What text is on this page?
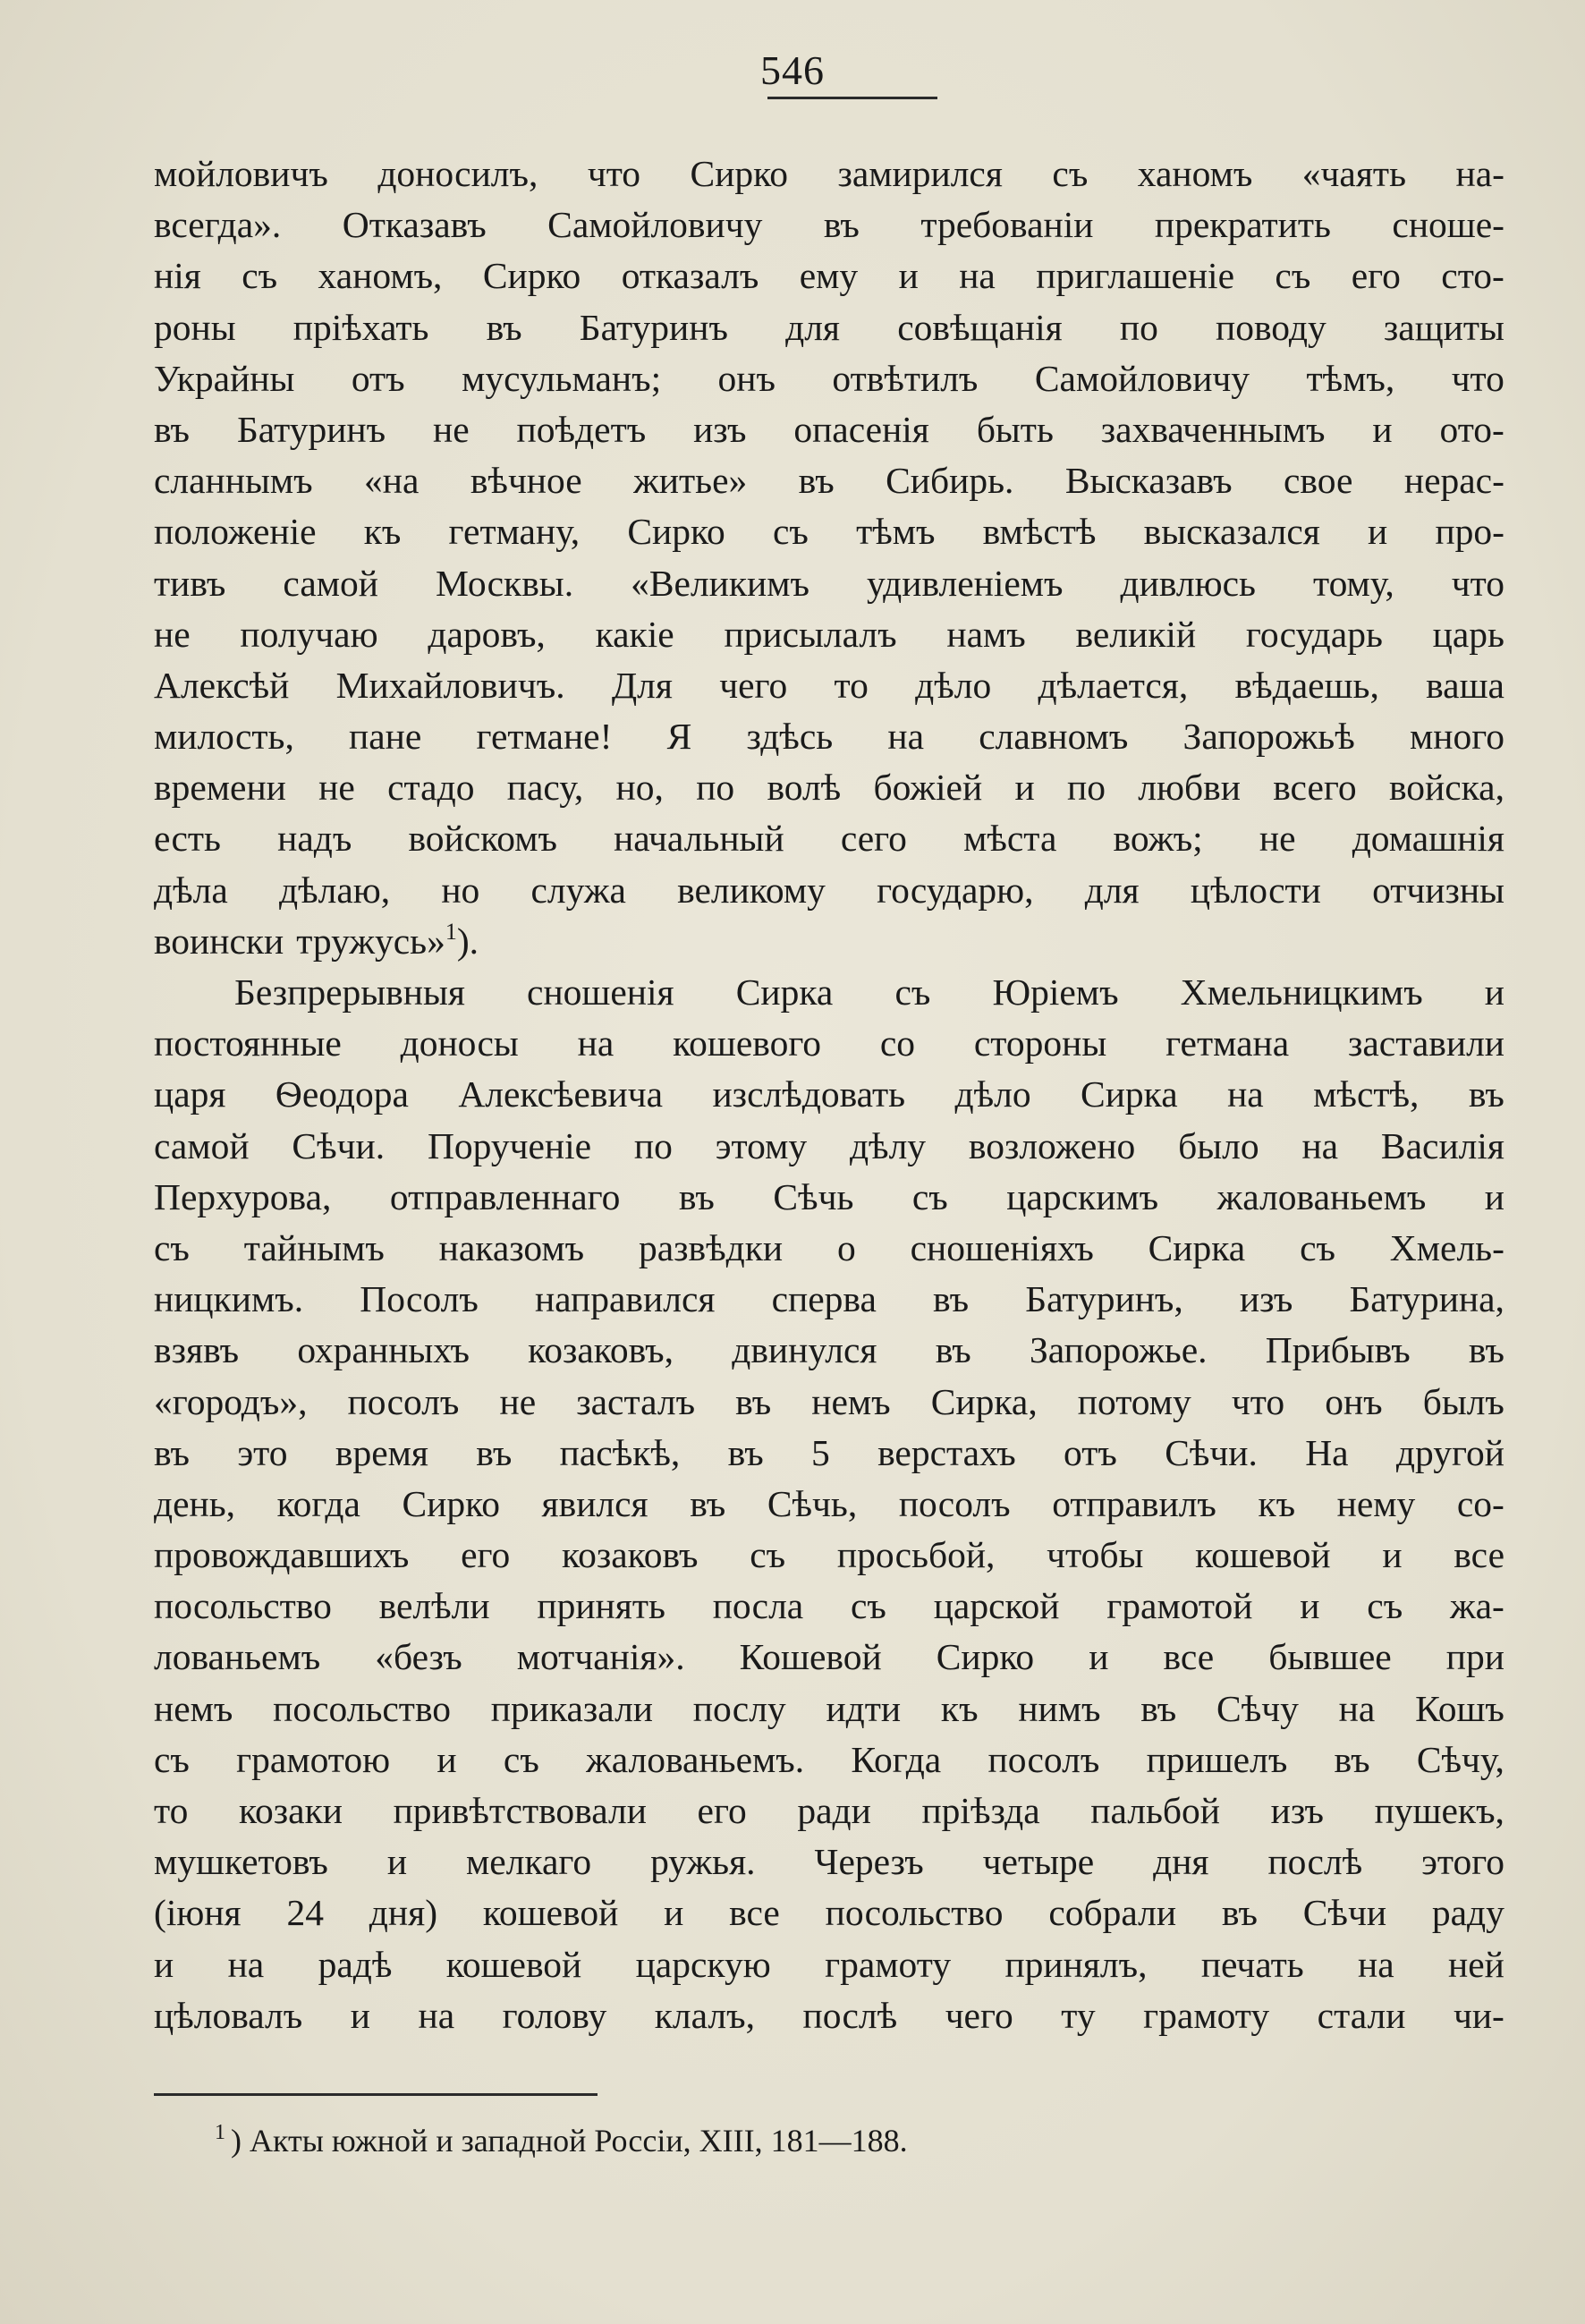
546
мойловичъ доносилъ, что Сирко замирился съ ханомъ «чаять на-
всегда». Отказавъ Самойловичу въ требованіи прекратить сноше-
нія съ ханомъ, Сирко отказалъ ему и на приглашеніе съ его сто-
роны пріѣхать въ Батуринъ для совѣщанія по поводу защиты
Украйны отъ мусульманъ; онъ отвѣтилъ Самойловичу тѣмъ, что
въ Батуринъ не поѣдетъ изъ опасенія быть захваченнымъ и ото-
сланнымъ «на вѣчное житье» въ Сибирь. Высказавъ свое нерас-
положеніе къ гетману, Сирко съ тѣмъ вмѣстѣ высказался и про-
тивъ самой Москвы. «Великимъ удивленіемъ дивлюсь тому, что
не получаю даровъ, какіе присылалъ намъ великій государь царь
Алексѣй Михайловичъ. Для чего то дѣло дѣлается, вѣдаешь, ваша
милость, пане гетмане! Я здѣсь на славномъ Запорожьѣ много
времени не стадо пасу, но, по волѣ божіей и по любви всего войска,
есть надъ войскомъ начальный сего мѣста вожъ; не домашнія
дѣла дѣлаю, но служа великому государю, для цѣлости отчизны
воински тружусь»$^1$).
Безпрерывныя сношенія Сирка съ Юріемъ Хмельницкимъ и
постоянные доносы на кошевого со стороны гетмана заставили
царя Ѳеодора Алексѣевича изслѣдовать дѣло Сирка на мѣстѣ, въ
самой Сѣчи. Порученіе по этому дѣлу возложено было на Василія
Перхурова, отправленнаго въ Сѣчь съ царскимъ жалованьемъ и
съ тайнымъ наказомъ развѣдки о сношеніяхъ Сирка съ Хмель-
ницкимъ. Посолъ направился сперва въ Батуринъ, изъ Батурина,
взявъ охранныхъ козаковъ, двинулся въ Запорожье. Прибывъ въ
«городъ», посолъ не засталъ въ немъ Сирка, потому что онъ былъ
въ это время въ пасѣкѣ, въ 5 верстахъ отъ Сѣчи. На другой
день, когда Сирко явился въ Сѣчь, посолъ отправилъ къ нему со-
провождавшихъ его козаковъ съ просьбой, чтобы кошевой и все
посольство велѣли принять посла съ царской грамотой и съ жа-
лованьемъ «безъ мотчанія». Кошевой Сирко и все бывшее при
немъ посольство приказали послу идти къ нимъ въ Сѣчу на Кошъ
съ грамотою и съ жалованьемъ. Когда посолъ пришелъ въ Сѣчу,
то козаки привѣтствовали его ради пріѣзда пальбой изъ пушекъ,
мушкетовъ и мелкаго ружья. Черезъ четыре дня послѣ этого
(іюня 24 дня) кошевой и все посольство собрали въ Сѣчи раду
и на радѣ кошевой царскую грамоту принялъ, печать на ней
цѣловалъ и на голову клалъ, послѣ чего ту грамоту стали чи-
$^1$ ) Акты южной и западной Россіи, XIII, 181—188.
